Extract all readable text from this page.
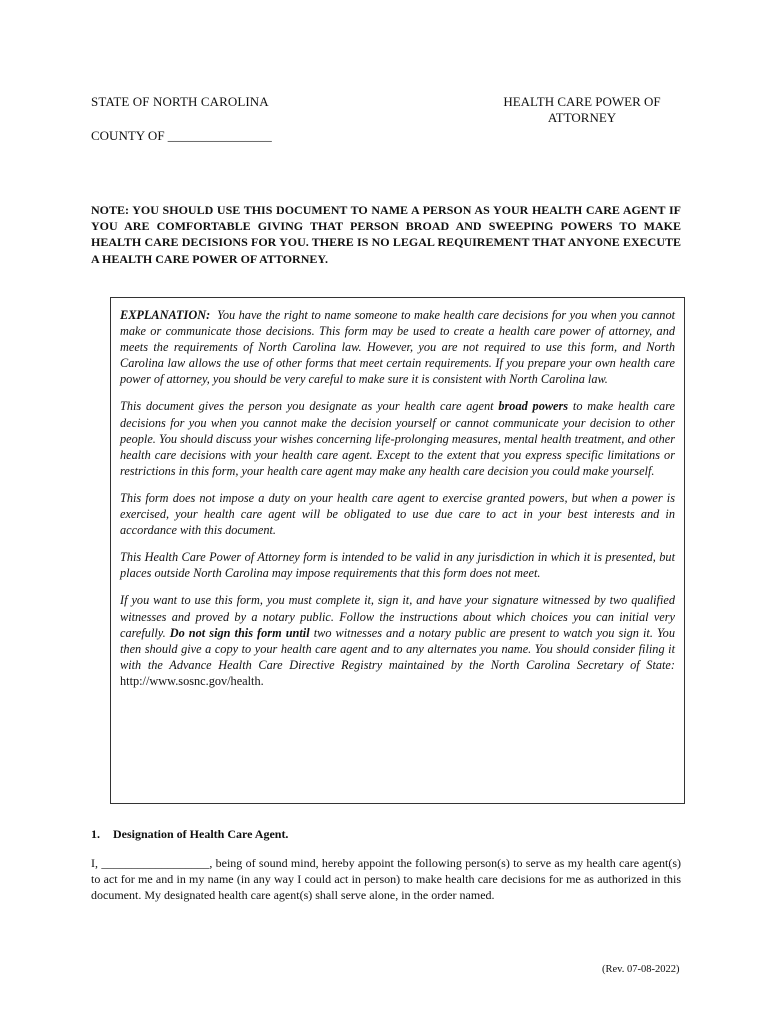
STATE OF NORTH CAROLINA
COUNTY OF ________________
HEALTH CARE POWER OF ATTORNEY
NOTE: YOU SHOULD USE THIS DOCUMENT TO NAME A PERSON AS YOUR HEALTH CARE AGENT IF YOU ARE COMFORTABLE GIVING THAT PERSON BROAD AND SWEEPING POWERS TO MAKE HEALTH CARE DECISIONS FOR YOU. THERE IS NO LEGAL REQUIREMENT THAT ANYONE EXECUTE A HEALTH CARE POWER OF ATTORNEY.

EXPLANATION: You have the right to name someone to make health care decisions for you when you cannot make or communicate those decisions. This form may be used to create a health care power of attorney, and meets the requirements of North Carolina law. However, you are not required to use this form, and North Carolina law allows the use of other forms that meet certain requirements. If you prepare your own health care power of attorney, you should be very careful to make sure it is consistent with North Carolina law.

This document gives the person you designate as your health care agent broad powers to make health care decisions for you when you cannot make the decision yourself or cannot communicate your decision to other people. You should discuss your wishes concerning life-prolonging measures, mental health treatment, and other health care decisions with your health care agent. Except to the extent that you express specific limitations or restrictions in this form, your health care agent may make any health care decision you could make yourself.

This form does not impose a duty on your health care agent to exercise granted powers, but when a power is exercised, your health care agent will be obligated to use due care to act in your best interests and in accordance with this document.

This Health Care Power of Attorney form is intended to be valid in any jurisdiction in which it is presented, but places outside North Carolina may impose requirements that this form does not meet.

If you want to use this form, you must complete it, sign it, and have your signature witnessed by two qualified witnesses and proved by a notary public. Follow the instructions about which choices you can initial very carefully. Do not sign this form until two witnesses and a notary public are present to watch you sign it. You then should give a copy to your health care agent and to any alternates you name. You should consider filing it with the Advance Health Care Directive Registry maintained by the North Carolina Secretary of State: http://www.sosnc.gov/health.

1. Designation of Health Care Agent.
I, __________________, being of sound mind, hereby appoint the following person(s) to serve as my health care agent(s) to act for me and in my name (in any way I could act in person) to make health care decisions for me as authorized in this document. My designated health care agent(s) shall serve alone, in the order named.
(Rev. 07-08-2022)
